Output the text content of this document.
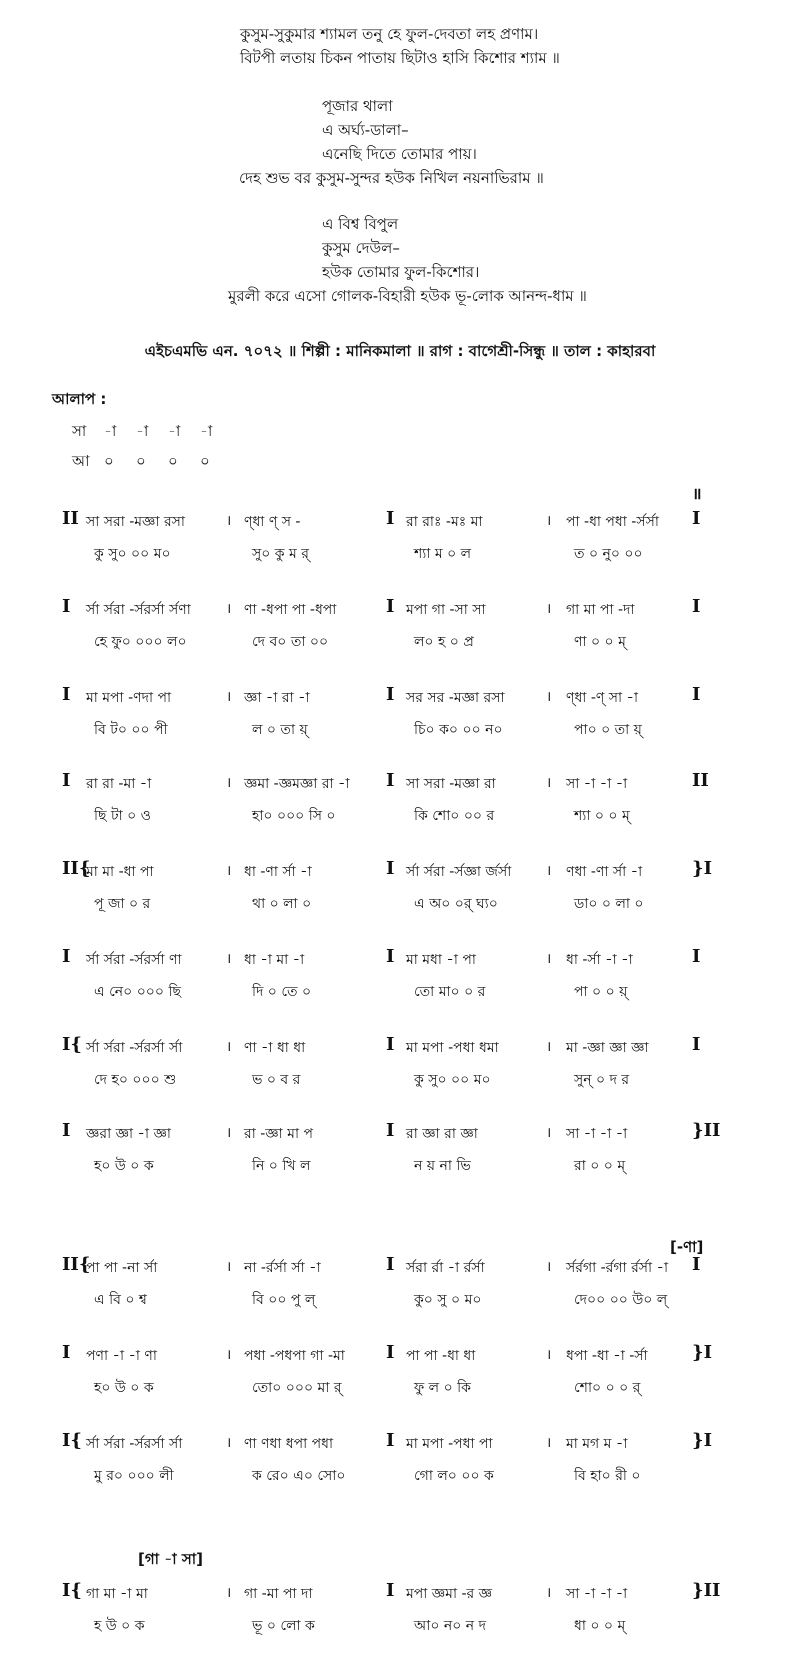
কুসুম-সুকুমার শ্যামল তনু হে ফুল-দেবতা লহ প্রণাম।
বিটপী লতায় চিকন পাতায় ছিটাও হাসি কিশোর শ্যাম ॥
পূজার থালা
এ অর্ঘ্য-ডালা–
এনেছি দিতে তোমার পায়।
দেহ শুভ বর কুসুম-সুন্দর হউক নিখিল নয়নাভিরাম ॥
এ বিশ্ব বিপুল
কুসুম দেউল–
হউক তোমার ফুল-কিশোর।
মুরলী করে এসো গোলক-বিহারী হউক ভূ-লোক আনন্দ-ধাম ॥
এইচএমভি এন. ৭০৭২ ॥ শিল্পী : মানিকমালা ॥ রাগ : বাগেশ্রী-সিন্ধু ॥ তাল : কাহারবা
আলাপ :
সা -া -া -া -া
আ ০ ০ ০ ০
॥
[-ণা]
[গা -া সা]
II	।	I	।	I
সা সরা -মজ্ঞা রসা	ণ্ধা ণ্ স -	রা রাঃ -মঃ মা	পা -ধা পধা -র্সর্সা
কু সু০ ০০ ম০	সু০ কু ম র্	শ্যা ম ০ ল	ত ০ নু০ ০০
I	।	I	।	I
র্সা র্সরা -র্সরর্সা র্সণা	ণা -ধপা পা -ধপা	মপা গা -সা সা	গা মা পা -দা
হে ফু০ ০০০ ল০	দে ব০ তা ০০	ল০ হ ০ প্র	ণা ০ ০ ম্
I	।	I	।	I
মা মপা -ণদা পা	জ্ঞা -া রা -া	সর সর -মজ্ঞা রসা	ণ্ধা -ণ্ সা -া
বি ট০ ০০ পী	ল ০ তা য়্	চি০ ক০ ০০ ন০	পা০ ০ তা য়্
I	।	I	।	II
রা রা -মা -া	জ্ঞমা -জ্ঞমজ্ঞা রা -া	সা সরা -মজ্ঞা রা	সা -া -া -া
ছি টা ০ ও	হা০ ০০০ সি ০	কি শো০ ০০ র	শ্যা ০ ০ ম্
II{	।	I	।	}I
মা মা -ধা পা	ধা -ণা র্সা -া	র্সা র্সরা -র্সজ্ঞা র্জর্সা	ণধা -ণা র্সা -া
পূ জা ০ র	থা ০ লা ০	এ অ০ ০র্ ঘ্য০	ডা০ ০ লা ০
I	।	I	।	I
র্সা র্সরা -র্সরর্সা ণা	ধা -া মা -া	মা মধা -া পা	ধা -র্সা -া -া
এ নে০ ০০০ ছি	দি ০ তে ০	তো মা০ ০ র	পা ০ ০ য়্
I{	।	I	।	I
র্সা র্সরা -র্সরর্সা র্সা	ণা -া ধা ধা	মা মপা -পধা ধমা	মা -জ্ঞা জ্ঞা জ্ঞা
দে হ০ ০০০ শু	ভ ০ ব র	কু সু০ ০০ ম০	সুন্ ০ দ র
I	।	I	।	}II
জ্ঞরা জ্ঞা -া জ্ঞা	রা -জ্ঞা মা প	রা জ্ঞা রা জ্ঞা	সা -া -া -া
হ০ উ ০ ক	নি ০ খি ল	ন য় না ভি	রা ০ ০ ম্
II{	।	I	।	I
পা পা -না র্সা	না -র্রর্সা র্সা -া	র্সরা র্রা -া র্রর্সা	র্সর্রগা -র্রগা র্রর্সা -া
এ বি ০ শ্ব	বি ০০ পু ল্	কু০ সু ০ ম০	দে০০ ০০ উ০ ল্
I	।	I	।	}I
পণা -া -া ণা	পধা -পধপা গা -মা	পা পা -ধা ধা	ধপা -ধা -া -র্সা
হ০ উ ০ ক	তো০ ০০০ মা র্	ফু ল ০ কি	শো০ ০ ০ র্
I{	।	I	।	}I
র্সা র্সরা -র্সরর্সা র্সা	ণা ণধা ধপা পধা	মা মপা -পধা পা	মা মগ ম -া
মু র০ ০০০ লী	ক রে০ এ০ সো০	গো ল০ ০০ ক	বি হা০ রী ০
I{	।	I	।	}II
গা মা -া মা	গা -মা পা দা	মপা জ্ঞমা -র জ্ঞ	সা -া -া -া
হ উ ০ ক	ভূ ০ লো ক	আ০ ন০ ন দ	ধা ০ ০ ম্
